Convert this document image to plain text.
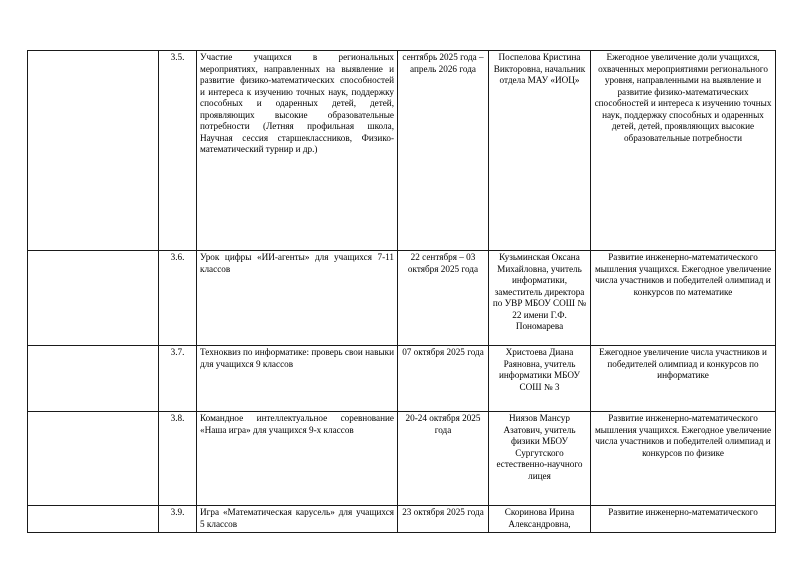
	3.5.	Участие учащихся в региональных мероприятиях, направленных на выявление и развитие физико-математических способностей и интереса к изучению точных наук, поддержку способных и одаренных детей, детей, проявляющих высокие образовательные потребности (Летняя профильная школа, Научная сессия старшеклассников, Физико-математический турнир и др.)	сентябрь 2025 года – апрель 2026 года	Поспелова Кристина Викторовна, начальник отдела МАУ «ИОЦ»	Ежегодное увеличение доли учащихся, охваченных мероприятиями регионального уровня, направленными на выявление и развитие физико-математических способностей и интереса к изучению точных наук, поддержку способных и одаренных детей, детей, проявляющих высокие образовательные потребности
	3.6.	Урок цифры «ИИ-агенты» для учащихся 7-11 классов	22 сентября – 03 октября 2025 года	Кузьминская Оксана Михайловна, учитель информатики, заместитель директора по УВР МБОУ СОШ № 22 имени Г.Ф. Пономарева	Развитие инженерно-математического мышления учащихся. Ежегодное увеличение числа участников и победителей олимпиад и конкурсов по математике
	3.7.	Техноквиз по информатике: проверь свои навыки для учащихся 9 классов	07 октября 2025 года	Христоева Диана Раяновна, учитель информатики МБОУ СОШ № 3	Ежегодное увеличение числа участников и победителей олимпиад и конкурсов по информатике
	3.8.	Командное интеллектуальное соревнование «Наша игра» для учащихся 9-х классов	20-24 октября 2025 года	Ниязов Мансур Азатович, учитель физики МБОУ Сургутского естественно-научного лицея	Развитие инженерно-математического мышления учащихся. Ежегодное увеличение числа участников и победителей олимпиад и конкурсов по физике
	3.9.	Игра «Математическая карусель» для учащихся 5 классов	23 октября 2025 года	Скоринова Ирина Александровна,	Развитие инженерно-математического
